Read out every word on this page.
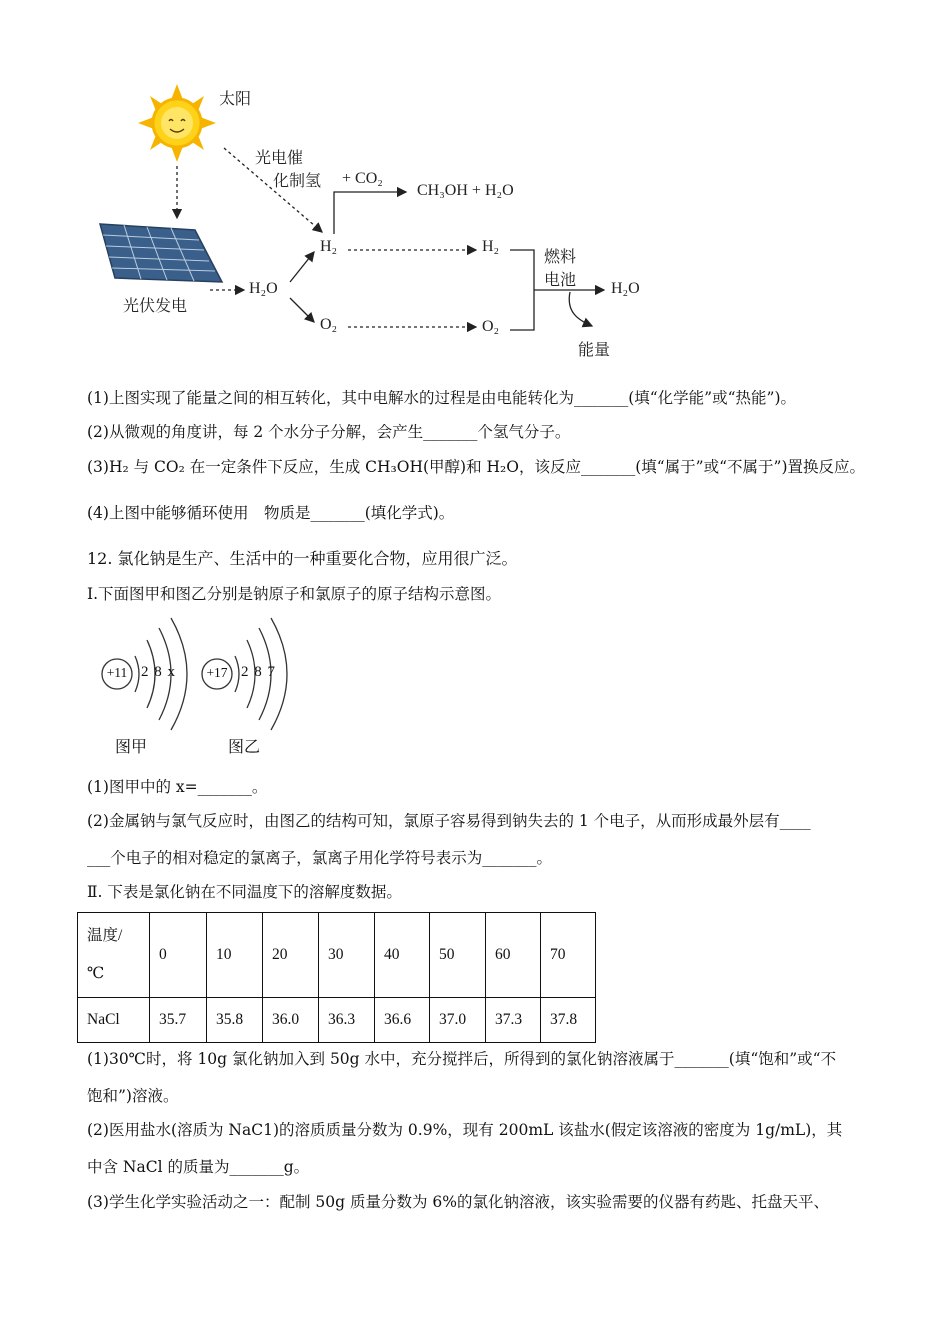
太阳
光电催
化制氢 + CO₂
CH₃OH + H₂O
光伏发电
H₂O
H₂
O₂
H₂
O₂
燃料
电池 H₂O
能量
(1)上图实现了能量之间的相互转化，其中电解水的过程是由电能转化为_______(填“化学能”或“热能”)。
(2)从微观的角度讲，每 2 个水分子分解，会产生_______个氢气分子。
(3)H₂ 与 CO₂ 在一定条件下反应，生成 CH₃OH(甲醇)和 H₂O，该反应_______(填“属于”或“不属于”)置换反应。
(4)上图中能够循环使用　物质是_______(填化学式)。
12. 氯化钠是生产、生活中的一种重要化合物，应用很广泛。
Ⅰ.下面图甲和图乙分别是钠原子和氯原子的原子结构示意图。
+11 2 8 x
图甲
+17 2 8 7
图乙
(1)图甲中的 x=_______。
(2)金属钠与氯气反应时，由图乙的结构可知，氯原子容易得到钠失去的 1 个电子，从而形成最外层有____
___个电子的相对稳定的氯离子，氯离子用化学符号表示为_______。
Ⅱ. 下表是氯化钠在不同温度下的溶解度数据。
温度/
℃	0	10	20	30	40	50	60	70
NaCl	35.7	35.8	36.0	36.3	36.6	37.0	37.3	37.8
(1)30℃时，将 10g 氯化钠加入到 50g 水中，充分搅拌后，所得到的氯化钠溶液属于_______(填“饱和”或“不
饱和”)溶液。
(2)医用盐水(溶质为 NaC1)的溶质质量分数为 0.9%，现有 200mL 该盐水(假定该溶液的密度为 1g/mL)，其
中含 NaCl 的质量为_______g。
(3)学生化学实验活动之一：配制 50g 质量分数为 6%的氯化钠溶液，该实验需要的仪器有药匙、托盘天平、
